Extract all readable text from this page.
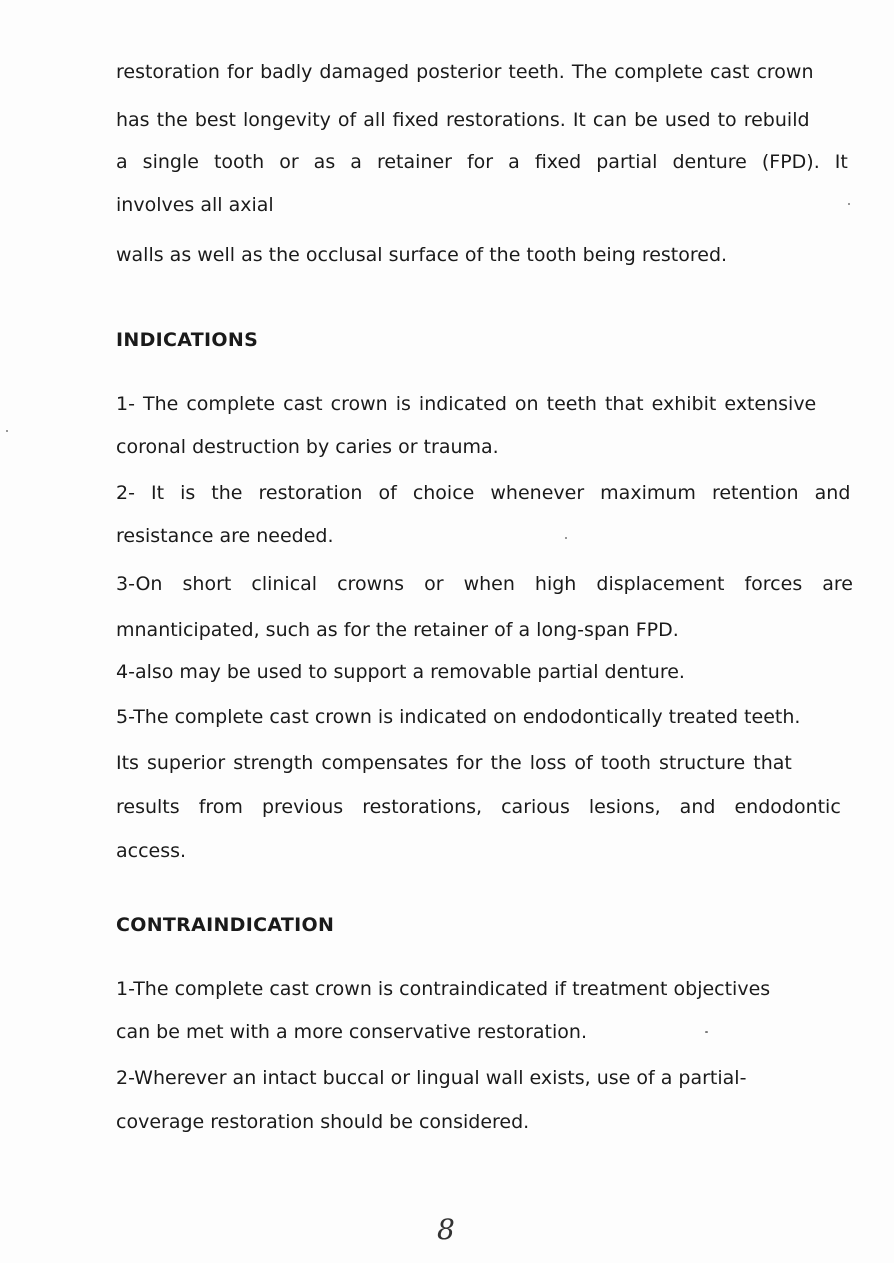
restoration for badly damaged posterior teeth. The complete cast crown

has the best longevity of all fixed restorations. It can be used to rebuild

a single tooth or as a retainer for a fixed partial denture (FPD). It

involves all axial

walls as well as the occlusal surface of the tooth being restored.

INDICATIONS

1- The complete cast crown is indicated on teeth that exhibit extensive

coronal destruction by caries or trauma.

2- It is the restoration of choice whenever maximum retention and

resistance are needed.

3-On short clinical crowns or when high displacement forces are

mnanticipated, such as for the retainer of a long-span FPD.

4-also may be used to support a removable partial denture.

5-The complete cast crown is indicated on endodontically treated teeth.

Its superior strength compensates for the loss of tooth structure that

results from previous restorations, carious lesions, and endodontic

access.

CONTRAINDICATION

1-The complete cast crown is contraindicated if treatment objectives

can be met with a more conservative restoration.

2-Wherever an intact buccal or lingual wall exists, use of a partial-

coverage restoration should be considered.

8
